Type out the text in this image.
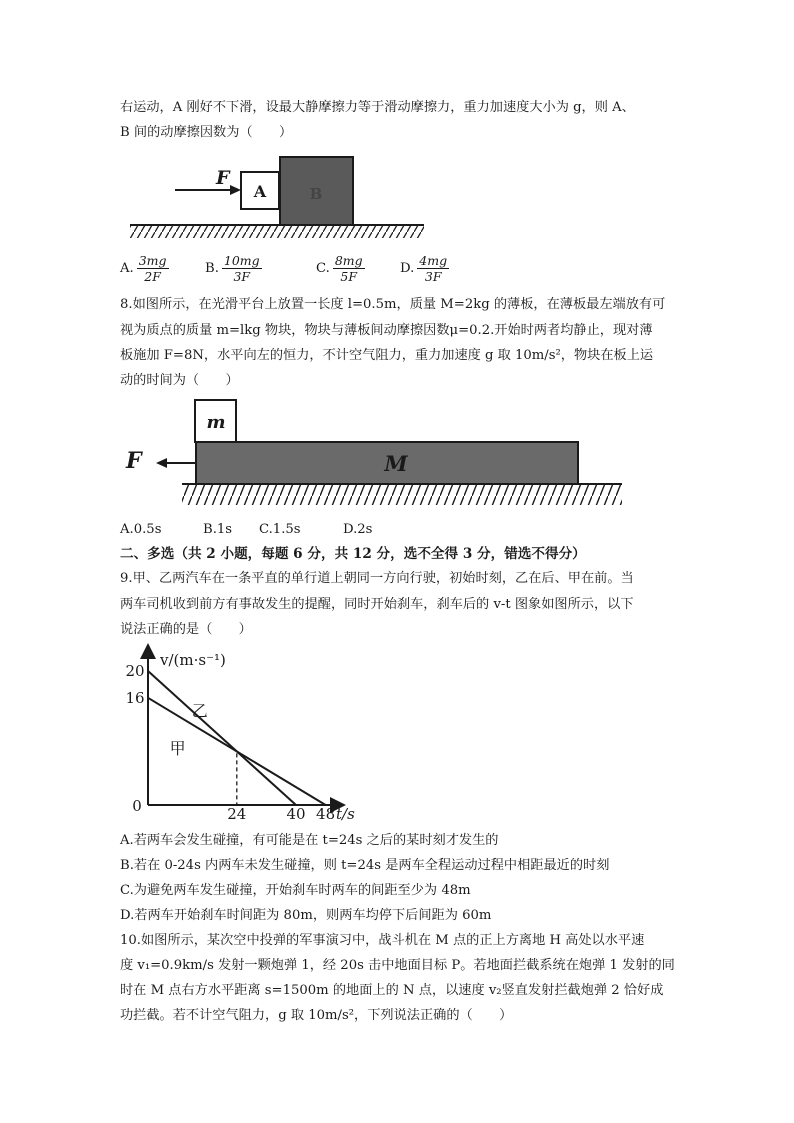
右运动，A 刚好不下滑，设最大静摩擦力等于滑动摩擦力，重力加速度大小为 g，则 A、
B 间的动摩擦因数为（　　）
B
A
F
A. $\frac{3mg}{2F}$	B. $\frac{10mg}{3F}$	C. $\frac{8mg}{5F}$	D. $\frac{4mg}{3F}$
8.如图所示，在光滑平台上放置一长度 l=0.5m，质量 M=2kg 的薄板，在薄板最左端放有可
视为质点的质量 m=lkg 物块，物块与薄板间动摩擦因数μ=0.2.开始时两者均静止，现对薄
板施加 F=8N，水平向左的恒力，不计空气阻力，重力加速度 g 取 10m/s²，物块在板上运
动的时间为（　　）
M
m
F
A.0.5s	B.1s C.1.5s	D.2s
二、多选（共 2 小题，每题 6 分，共 12 分，选不全得 3 分，错选不得分）
9.甲、乙两汽车在一条平直的单行道上朝同一方向行驶，初始时刻，乙在后、甲在前。当
两车司机收到前方有事故发生的提醒，同时开始刹车，刹车后的 v-t 图象如图所示，以下
说法正确的是（　　）
v/(m·s⁻¹)
t/s
0
16
20
24	40 48
乙
甲
A.若两车会发生碰撞，有可能是在 t=24s 之后的某时刻才发生的
B.若在 0-24s 内两车未发生碰撞，则 t=24s 是两车全程运动过程中相距最近的时刻
C.为避免两车发生碰撞，开始刹车时两车的间距至少为 48m
D.若两车开始刹车时间距为 80m，则两车均停下后间距为 60m
10.如图所示，某次空中投弹的军事演习中，战斗机在 M 点的正上方离地 H 高处以水平速
度 v₁=0.9km/s 发射一颗炮弹 1，经 20s 击中地面目标 P。若地面拦截系统在炮弹 1 发射的同
时在 M 点右方水平距离 s=1500m 的地面上的 N 点，以速度 v₂竖直发射拦截炮弹 2 恰好成
功拦截。若不计空气阻力，g 取 10m/s²，下列说法正确的（　　）
